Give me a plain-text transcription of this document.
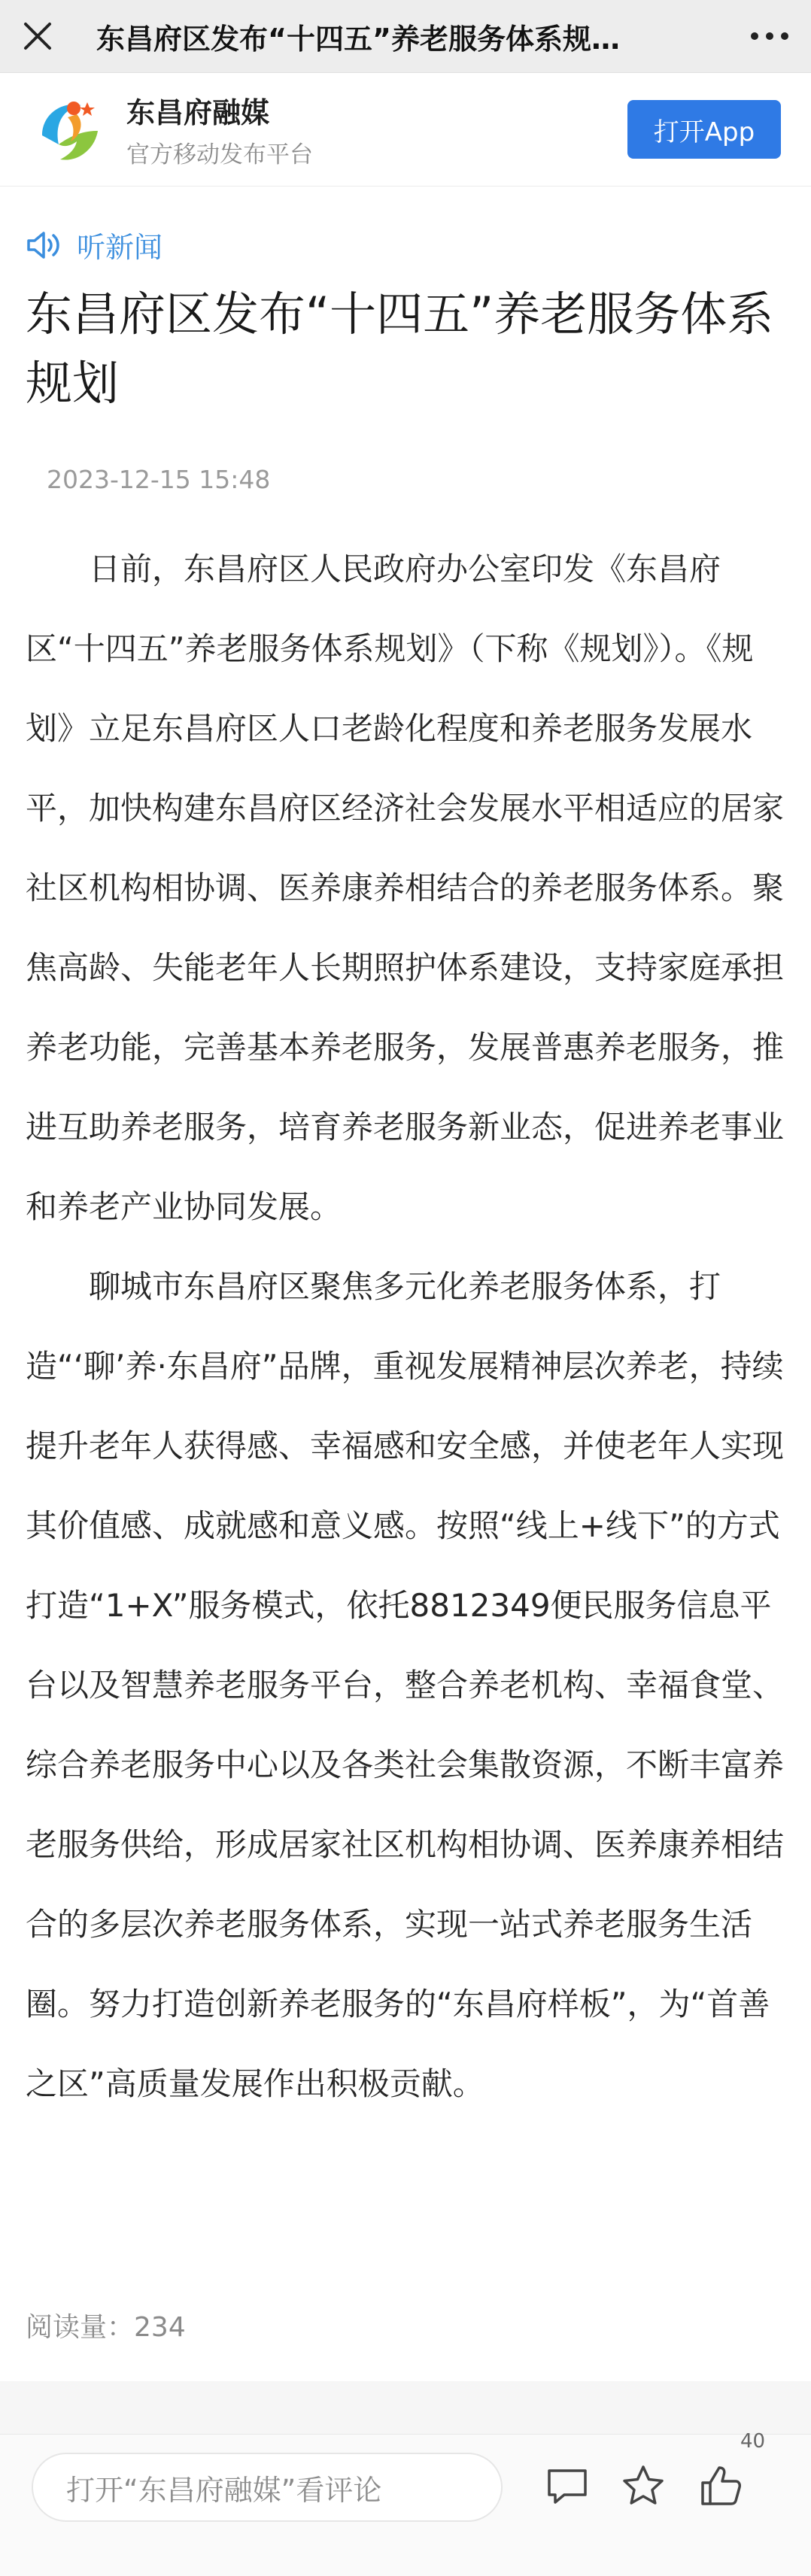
东昌府区发布“十四五”养老服务体系规…
东昌府融媒
官方移动发布平台
打开App
听新闻
东昌府区发布“十四五”养老服务体系规划
2023-12-15 15:48

日前，东昌府区人民政府办公室印发《东昌府区“十四五”养老服务体系规划》（下称《规划》）。《规划》立足东昌府区人口老龄化程度和养老服务发展水平，加快构建东昌府区经济社会发展水平相适应的居家社区机构相协调、医养康养相结合的养老服务体系。聚焦高龄、失能老年人长期照护体系建设，支持家庭承担养老功能，完善基本养老服务，发展普惠养老服务，推进互助养老服务，培育养老服务新业态，促进养老事业和养老产业协同发展。

聊城市东昌府区聚焦多元化养老服务体系，打造“‘聊’养·东昌府”品牌，重视发展精神层次养老，持续提升老年人获得感、幸福感和安全感，并使老年人实现其价值感、成就感和意义感。按照“线上+线下”的方式打造“1+X”服务模式，依托8812349便民服务信息平台以及智慧养老服务平台，整合养老机构、幸福食堂、综合养老服务中心以及各类社会集散资源，不断丰富养老服务供给，形成居家社区机构相协调、医养康养相结合的多层次养老服务体系，实现一站式养老服务生活圈。努力打造创新养老服务的“东昌府样板”，为“首善之区”高质量发展作出积极贡献。

阅读量：234
打开“东昌府融媒”看评论
40
